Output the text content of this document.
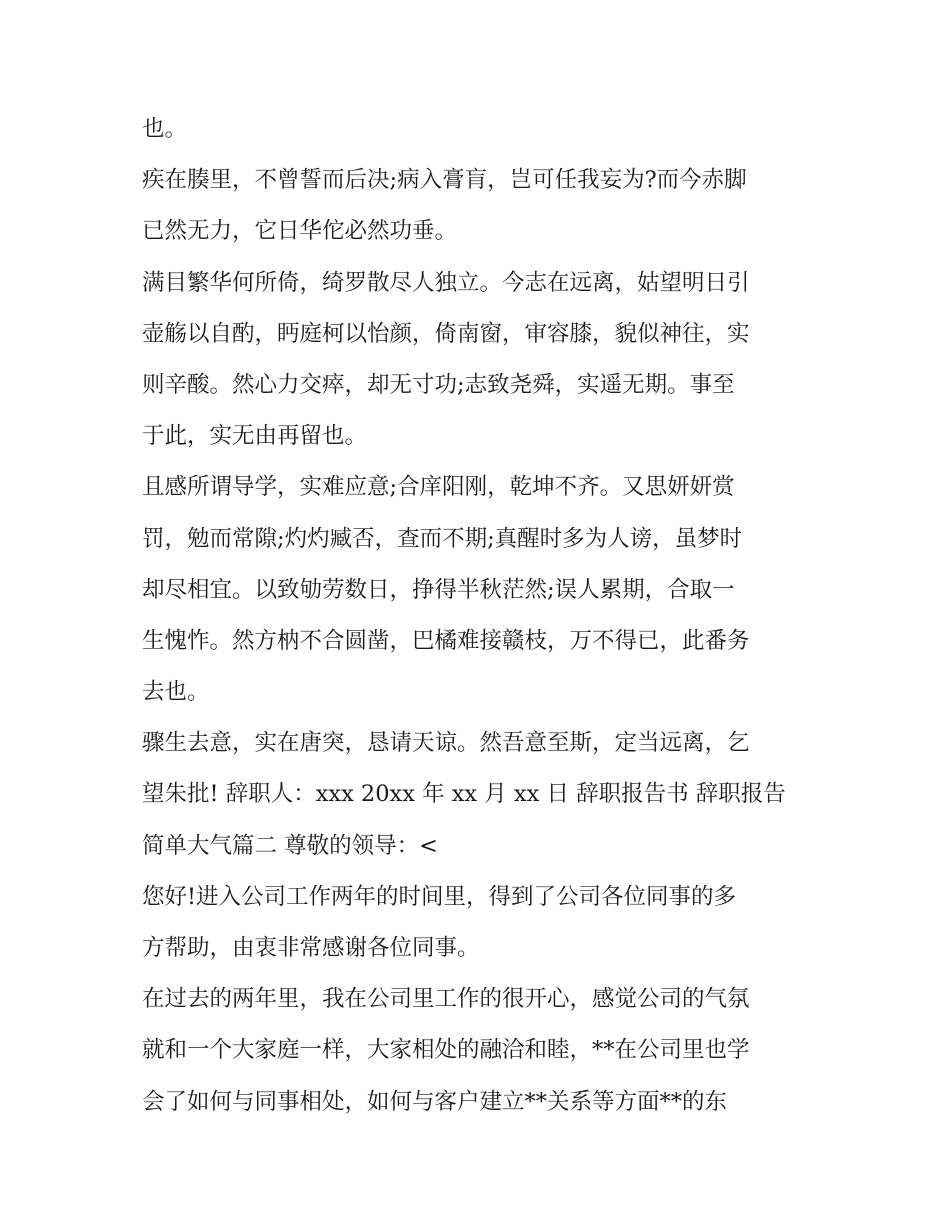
也。
疾在腠里，不曾誓而后决;病入膏肓，岂可任我妄为?而今赤脚
已然无力，它日华佗必然功垂。
满目繁华何所倚，绮罗散尽人独立。今志在远离，姑望明日引
壶觞以自酌，眄庭柯以怡颜，倚南窗，审容膝，貌似神往，实
则辛酸。然心力交瘁，却无寸功;志致尧舜，实遥无期。事至
于此，实无由再留也。
且感所谓导学，实难应意;合庠阳刚，乾坤不齐。又思妍妍赏
罚，勉而常隙;灼灼臧否，查而不期;真醒时多为人谤，虽梦时
却尽相宜。以致劬劳数日，挣得半秋茫然;误人累期，合取一
生愧怍。然方枘不合圆凿，巴橘难接赣枝，万不得已，此番务
去也。
骤生去意，实在唐突，恳请天谅。然吾意至斯，定当远离，乞
望朱批! 辞职人：xxx 20xx 年 xx 月 xx 日 辞职报告书 辞职报告
简单大气篇二 尊敬的领导：<
您好!进入公司工作两年的时间里，得到了公司各位同事的多
方帮助，由衷非常感谢各位同事。
在过去的两年里，我在公司里工作的很开心，感觉公司的气氛
就和一个大家庭一样，大家相处的融洽和睦，**在公司里也学
会了如何与同事相处，如何与客户建立**关系等方面**的东
